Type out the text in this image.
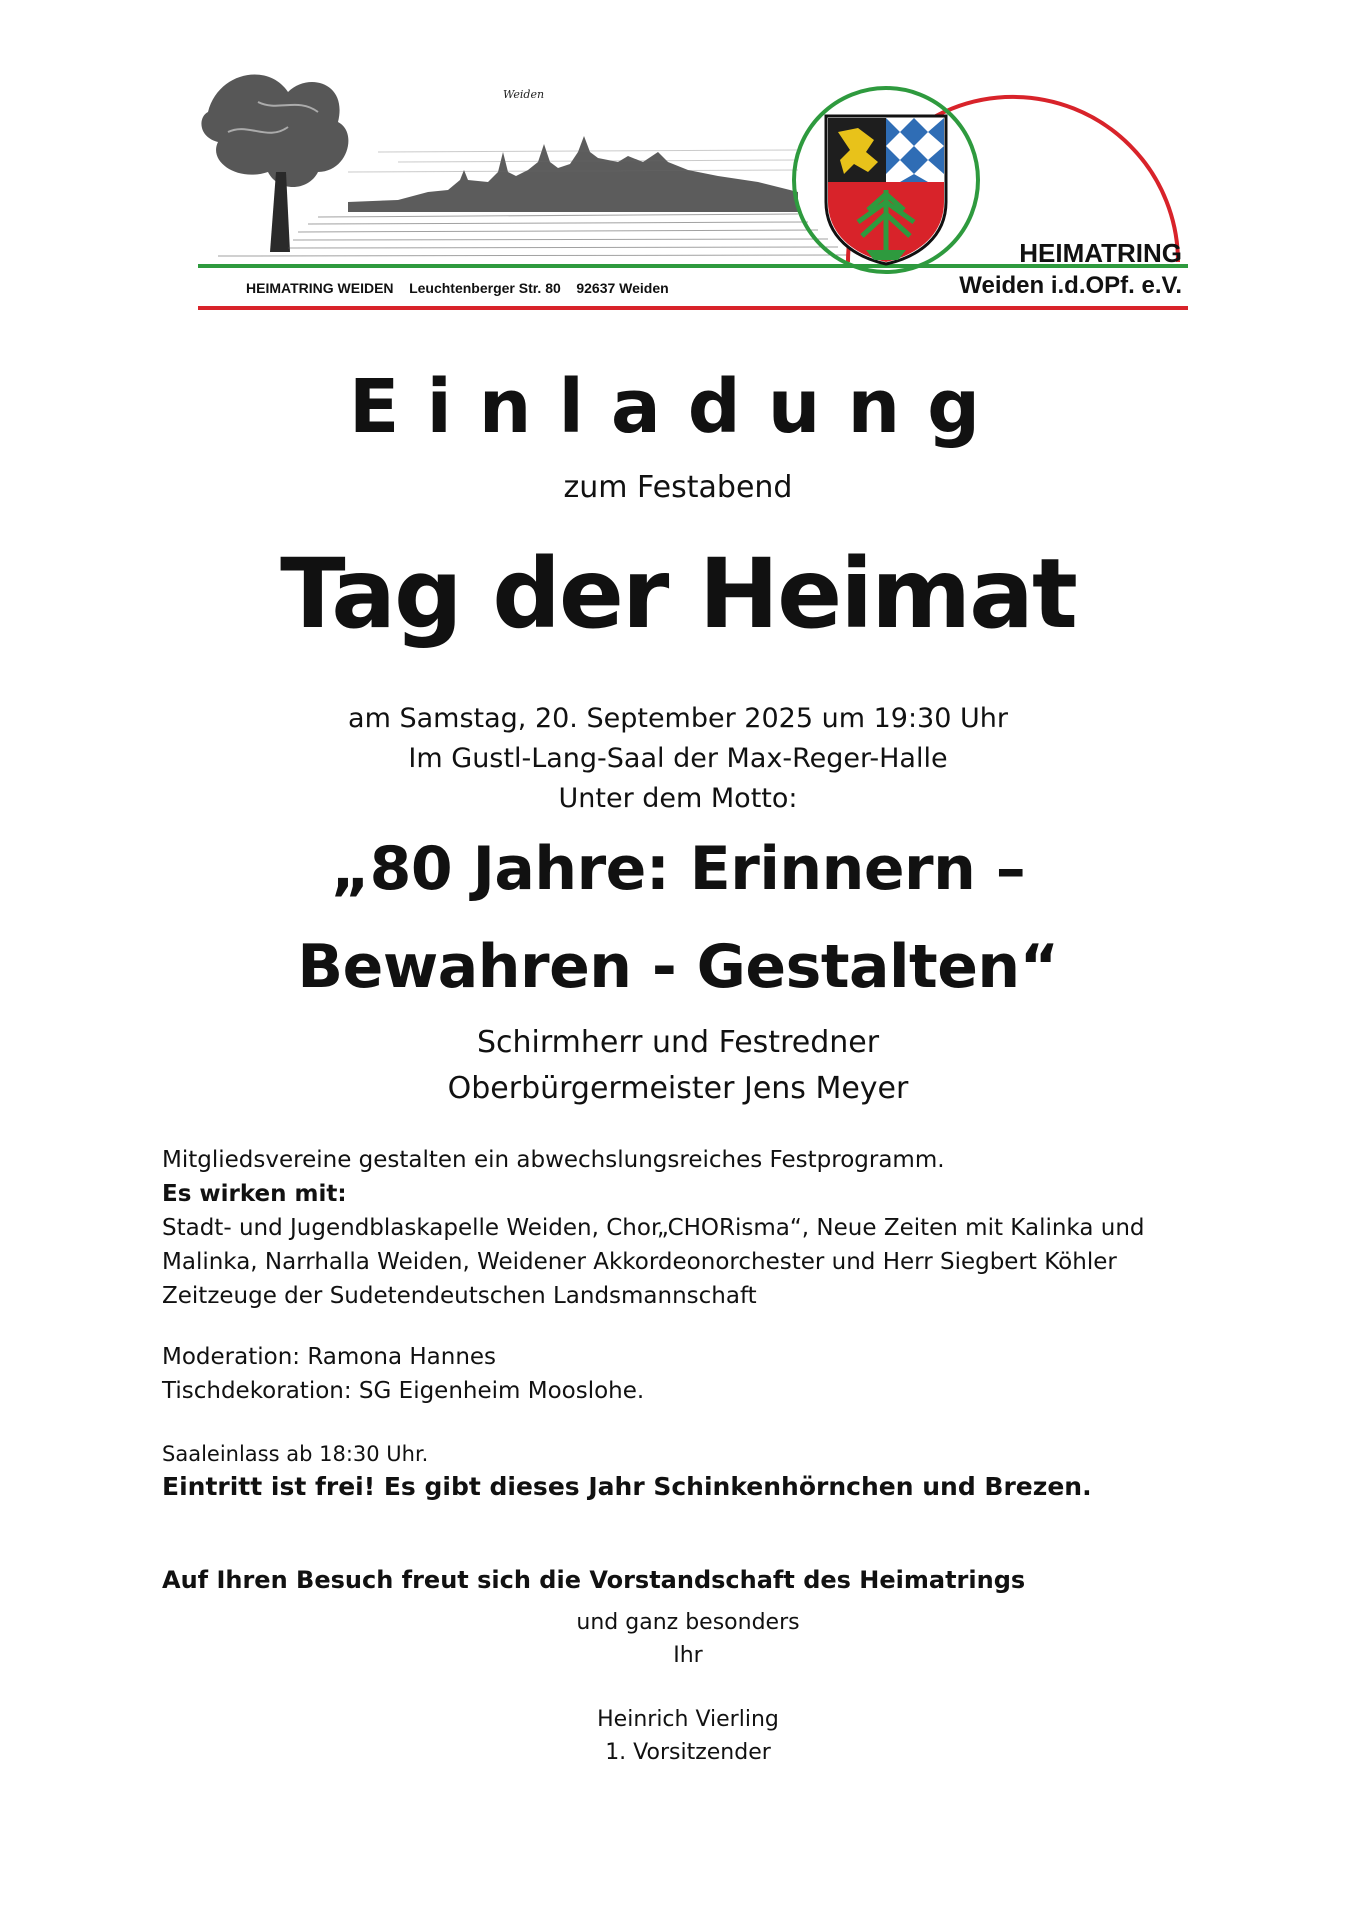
Weiden
HEIMATRING WEIDEN    Leuchtenberger Str. 80    92637 Weiden
HEIMATRING
Weiden i.d.OPf. e.V.
Einladung
zum Festabend
Tag der Heimat
am Samstag, 20. September 2025 um 19:30 Uhr
Im Gustl-Lang-Saal der Max-Reger-Halle
Unter dem Motto:
„80 Jahre: Erinnern –
Bewahren - Gestalten“
Schirmherr und Festredner
Oberbürgermeister Jens Meyer
Mitgliedsvereine gestalten ein abwechslungsreiches Festprogramm.
Es wirken mit:
Stadt- und Jugendblaskapelle Weiden, Chor„CHORisma“, Neue Zeiten mit Kalinka und
Malinka, Narrhalla Weiden, Weidener Akkordeonorchester und Herr Siegbert Köhler
Zeitzeuge der Sudetendeutschen Landsmannschaft
Moderation: Ramona Hannes
Tischdekoration: SG Eigenheim Mooslohe.
Saaleinlass ab 18:30 Uhr.
Eintritt ist frei! Es gibt dieses Jahr Schinkenhörnchen und Brezen.
Auf Ihren Besuch freut sich die Vorstandschaft des Heimatrings
und ganz besonders
Ihr
Heinrich Vierling
1. Vorsitzender
